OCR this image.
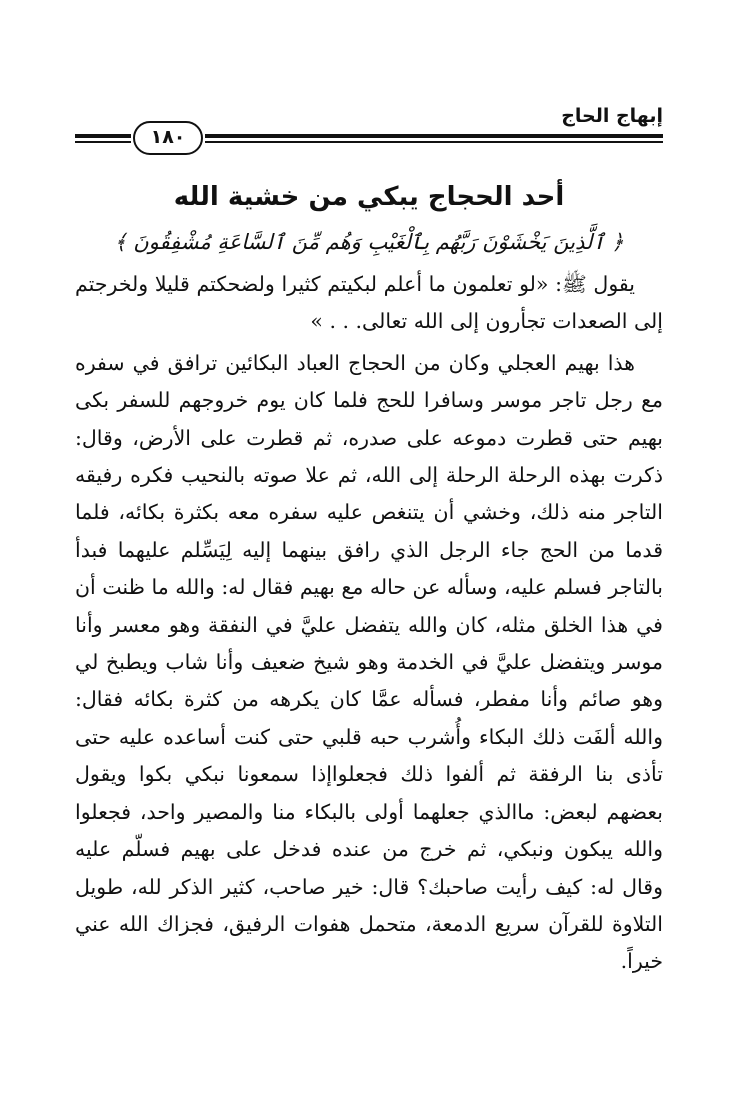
إبهاج الحاج
١٨٠
أحد الحجاج يبكي من خشية الله
﴿ ٱلَّذِينَ يَخْشَوْنَ رَبَّهُم بِٱلْغَيْبِ وَهُم مِّنَ ٱلسَّاعَةِ مُشْفِقُونَ ﴾

يقول ﷺ: «لو تعلمون ما أعلم لبكيتم كثيرا ولضحكتم قليلا ولخرجتم إلى الصعدات تجأرون إلى الله تعالى. . . »

هذا بهيم العجلي وكان من الحجاج العباد البكائين ترافق في سفره مع رجل تاجر موسر وسافرا للحج فلما كان يوم خروجهم للسفر بكى بهيم حتى قطرت دموعه على صدره، ثم قطرت على الأرض، وقال: ذكرت بهذه الرحلة الرحلة إلى الله، ثم علا صوته بالنحيب فكره رفيقه التاجر منه ذلك، وخشي أن يتنغص عليه سفره معه بكثرة بكائه، فلما قدما من الحج جاء الرجل الذي رافق بينهما إليه لِيَسِّلم عليهما فبدأ بالتاجر فسلم عليه، وسأله عن حاله مع بهيم فقال له: والله ما ظنت أن في هذا الخلق مثله، كان والله يتفضل عليَّ في النفقة وهو معسر وأنا موسر ويتفضل عليَّ في الخدمة وهو شيخ ضعيف وأنا شاب ويطبخ لي وهو صائم وأنا مفطر، فسأله عمَّا كان يكرهه من كثرة بكائه فقال: والله ألفَت ذلك البكاء وأُشرب حبه قلبي حتى كنت أساعده عليه حتى تأذى بنا الرفقة ثم ألفوا ذلك فجعلواإذا سمعونا نبكي بكوا ويقول بعضهم لبعض: ماالذي جعلهما أولى بالبكاء منا والمصير واحد، فجعلوا والله يبكون ونبكي، ثم خرج من عنده فدخل على بهيم فسلّم عليه وقال له: كيف رأيت صاحبك؟ قال: خير صاحب، كثير الذكر لله، طويل التلاوة للقرآن سريع الدمعة، متحمل هفوات الرفيق، فجزاك الله عني خيراً.
